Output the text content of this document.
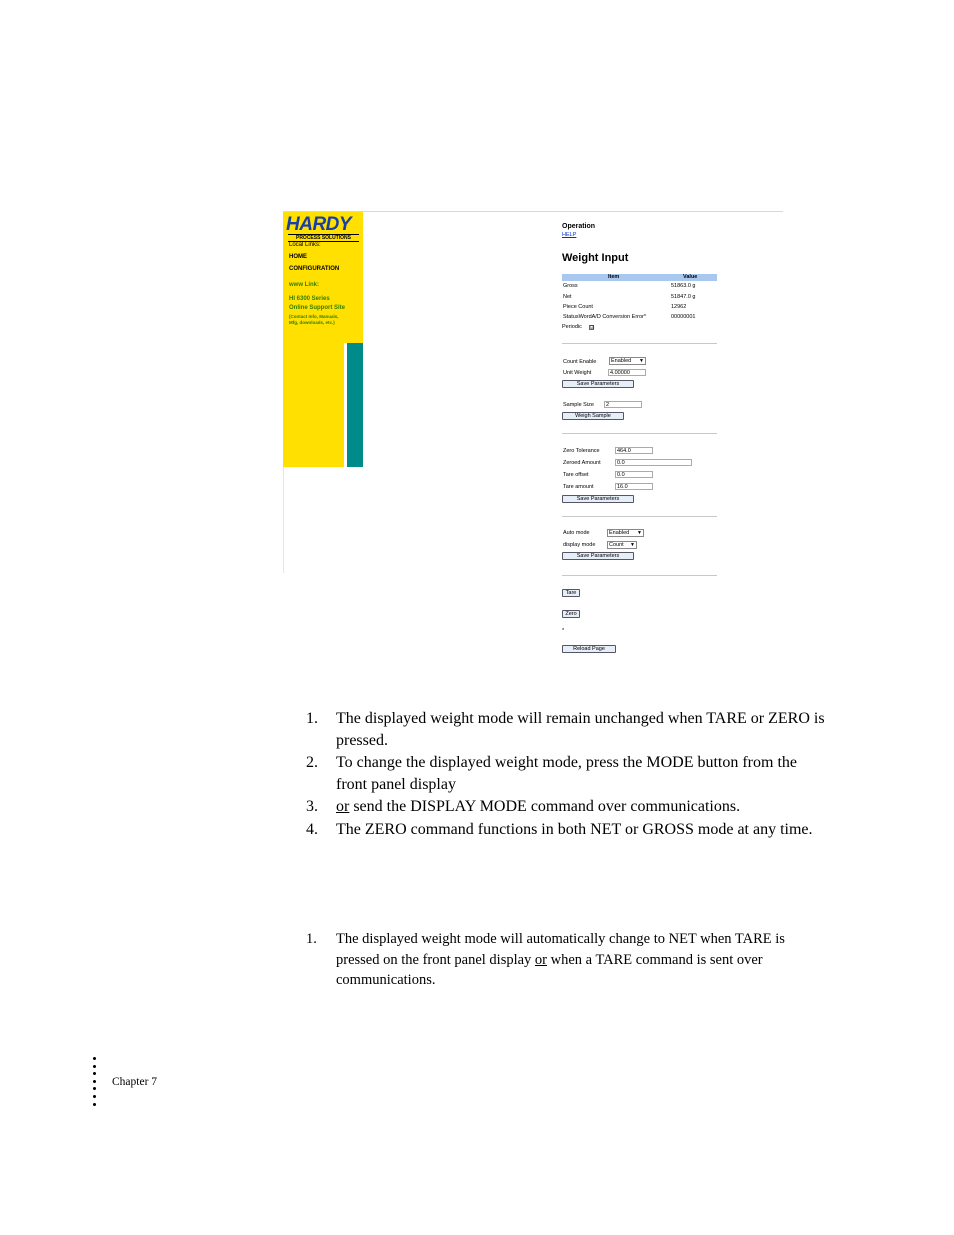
HARDY
PROCESS SOLUTIONS
Local Links:
HOME
CONFIGURATION
www Link:
HI 6300 Series
Online Support Site
(Contact Info, Manuals,
Mfg, downloads, etc.)
Operation
HELP
Weight Input
Item	Value
Gross	51863.0 g
Net	51847.0 g
Piece Count	12962
StatusWordA/D Conversion Error*	00000001
Periodic ☑
Count Enable	Enabled ▼
Unit Weight	4.00000
Save Parameters
Sample Size	2
Weigh Sample
Zero Tolerance	464.0
Zeroed Amount	0.0
Tare offset	0.0
Tare amount	16.0
Save Parameters
Auto mode	Enabled ▼
display mode	Count ▼
Save Parameters
Tare
Zero
*
Reload Page
1.	The displayed weight mode will remain unchanged when TARE or ZERO is pressed.
2.	To change the displayed weight mode, press the MODE button from the front panel display
3.	or send the DISPLAY MODE command over communications.
4.	The ZERO command functions in both NET or GROSS mode at any time.
1.	The displayed weight mode will automatically change to NET when TARE is pressed on the front panel display or when a TARE command is sent over communications.
Chapter 7
